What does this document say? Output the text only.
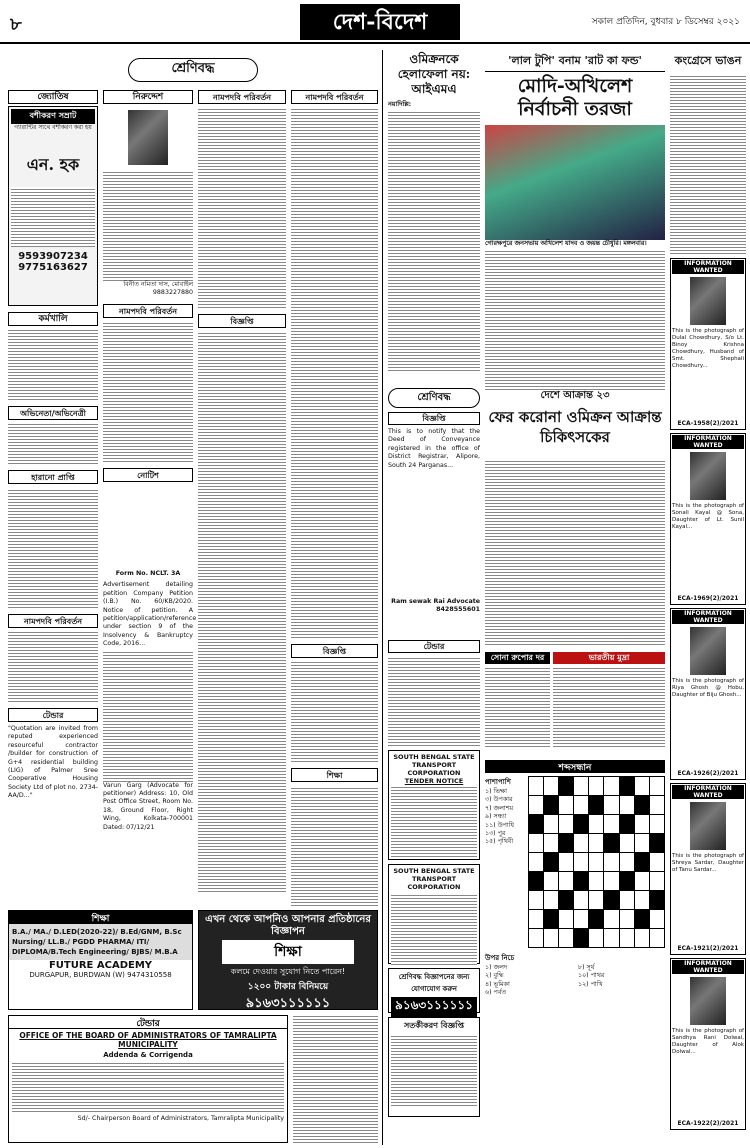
৮	দেশ-বিদেশ	সকাল প্রতিদিন, বুধবার ৮ ডিসেম্বর ২০২১
শ্রেণিবদ্ধ
জ্যোতিষ
বশীকরণ সম্রাট
গ্যারান্টির সাথে বশীকরণ করা হয়
এন. হক
9593907234
9775163627
কর্মখালি
অভিনেতা/অভিনেত্রী
হারানো প্রাপ্তি
নামপদবি পরিবর্তন
টেন্ডার
"Quotation are invited from reputed experienced resourceful contractor /builder for construction of G+4 residential building (LIG) of Palmer Sree Cooperative Housing Society Ltd of plot no. 2734-AA/D..."
নিরুদ্দেশ
বিনীত নমিতা দাস, মোবাইল 9883227880
নামপদবি পরিবর্তন
নোটিশ

Form No. NCLT. 3A

Advertisement detailing petition Company Petition (I.B.) No. 60/KB/2020. Notice of petition. A petition/application/reference under section 9 of the Insolvency & Bankruptcy Code, 2016...

Varun Garg (Advocate for petitioner) Address: 10, Old Post Office Street, Room No. 18, Ground Floor, Right Wing, Kolkata-700001 Dated: 07/12/21

নামপদবি পরিবর্তন
বিজ্ঞপ্তি
নামপদবি পরিবর্তন
বিজ্ঞপ্তি
শিক্ষা
শিক্ষা
B.A./ MA./ D.LED(2020-22)/ B.Ed/GNM, B.Sc Nursing/ LL.B./ PGDD PHARMA/ ITI/ DIPLOMA/B.Tech Engineering/ BJBS/ M.B.A
FUTURE ACADEMY
DURGAPUR, BURDWAN (W) 9474310558
এখন থেকে আপনিও আপনার প্রতিষ্ঠানের বিজ্ঞাপন
শিক্ষা
কলমে দেওয়ার সুযোগ নিতে পারেন!
১২০০ টাকার বিনিময়ে
৯১৬৩১১১১১১
টেন্ডার
OFFICE OF THE BOARD OF ADMINISTRATORS OF TAMRALIPTA MUNICIPALITY
Addenda & Corrigenda
Sd/- Chairperson Board of Administrators, Tamralipta Municipality
ওমিক্রনকে হেলাফেলা নয়: আইএমএ
নয়াদিল্লি:
'লাল টুপি' বনাম 'রাট কা ফন্ড'
মোদি-অখিলেশ নির্বাচনী তরজা
গোরক্ষপুরে জনসভায় অখিলেশ যাদব ও জয়ন্ত চৌধুরি। মঙ্গলবার।
কংগ্রেসে ভাঙন
দেশে আক্রান্ত ২৩
ফের করোনা ওমিক্রন আক্রান্ত চিকিৎসকের
শ্রেণিবদ্ধ
বিজ্ঞপ্তি
This is to notify that the Deed of Conveyance registered in the office of District Registrar, Alipore, South 24 Parganas...
Ram sewak Rai Advocate 8428555601
টেন্ডার
SOUTH BENGAL STATE TRANSPORT CORPORATION
TENDER NOTICE
SOUTH BENGAL STATE TRANSPORT CORPORATION
শ্রেণিবদ্ধ বিজ্ঞাপনের জন্য যোগাযোগ করুন
৯১৬৩১১১১১১
সতর্কীকরণ বিজ্ঞপ্তি
সোনা রুপোর দর	ভারতীয় মুদ্রা
শব্দসন্ধান
পাশাপাশি
১) ভিক্ষা
৩) উপকার
৭) জলাশয়
৯) সন্ধ্যা
১১) উপাধি
১৩) পুর
১৫) পৃথিবী

উপর নিচে
১) জলদ
২) বুদ্ধি
৪) ভূমিকা
৬) পর্বত
৮) সূর্য
১০) পাথর
১২) পাখি
INFORMATION WANTED
This is the photograph of Dulal Chowdhury, S/o Lt. Binoy Krishna Chowdhury, Husband of Smt. Shephali Chowdhury...
ECA-1958(2)/2021
INFORMATION WANTED
This is the photograph of Sonali Kayal @ Sona, Daughter of Lt. Sunil Kayal...
ECA-1969(2)/2021
INFORMATION WANTED
This is the photograph of Riya Ghosh @ Hobu, Daughter of Biju Ghosh...
ECA-1926(2)/2021
INFORMATION WANTED
This is the photograph of Shreya Sardar, Daughter of Tanu Sardar...
ECA-1921(2)/2021
INFORMATION WANTED
This is the photograph of Sandhya Rani Dolwal, Daughter of Alok Dolwal...
ECA-1922(2)/2021
